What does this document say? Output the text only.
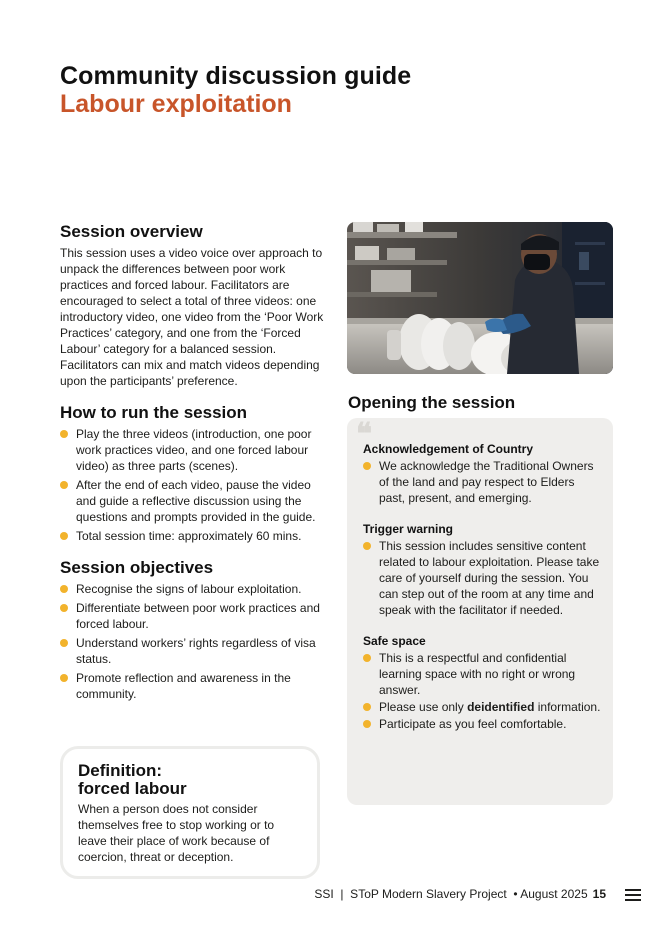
Community discussion guide
Labour exploitation
Session overview

This session uses a video voice over approach to unpack the differences between poor work practices and forced labour. Facilitators are encouraged to select a total of three videos: one introductory video, one video from the ‘Poor Work Practices’ category, and one from the ‘Forced Labour’ category for a balanced session. Facilitators can mix and match videos depending upon the participants’ preference.

How to run the session
Play the three videos (introduction, one poor work practices video, and one forced labour video) as three parts (scenes).
After the end of each video, pause the video and guide a reflective discussion using the questions and prompts provided in the guide.
Total session time: approximately 60 mins.
Session objectives
Recognise the signs of labour exploitation.
Differentiate between poor work practices and forced labour.
Understand workers’ rights regardless of visa status.
Promote reflection and awareness in the community.
Definition:
forced labour

When a person does not consider themselves free to stop working or to leave their place of work because of coercion, threat or deception.

Opening the session
❝
Acknowledgement of Country
We acknowledge the Traditional Owners of the land and pay respect to Elders past, present, and emerging.
Trigger warning
This session includes sensitive content related to labour exploitation. Please take care of yourself during the session. You can step out of the room at any time and speak with the facilitator if needed.
Safe space
This is a respectful and confidential learning space with no right or wrong answer.
Please use only deidentified information.
Participate as you feel comfortable.
SSI  |  SToP Modern Slavery Project  • August 2025 15
